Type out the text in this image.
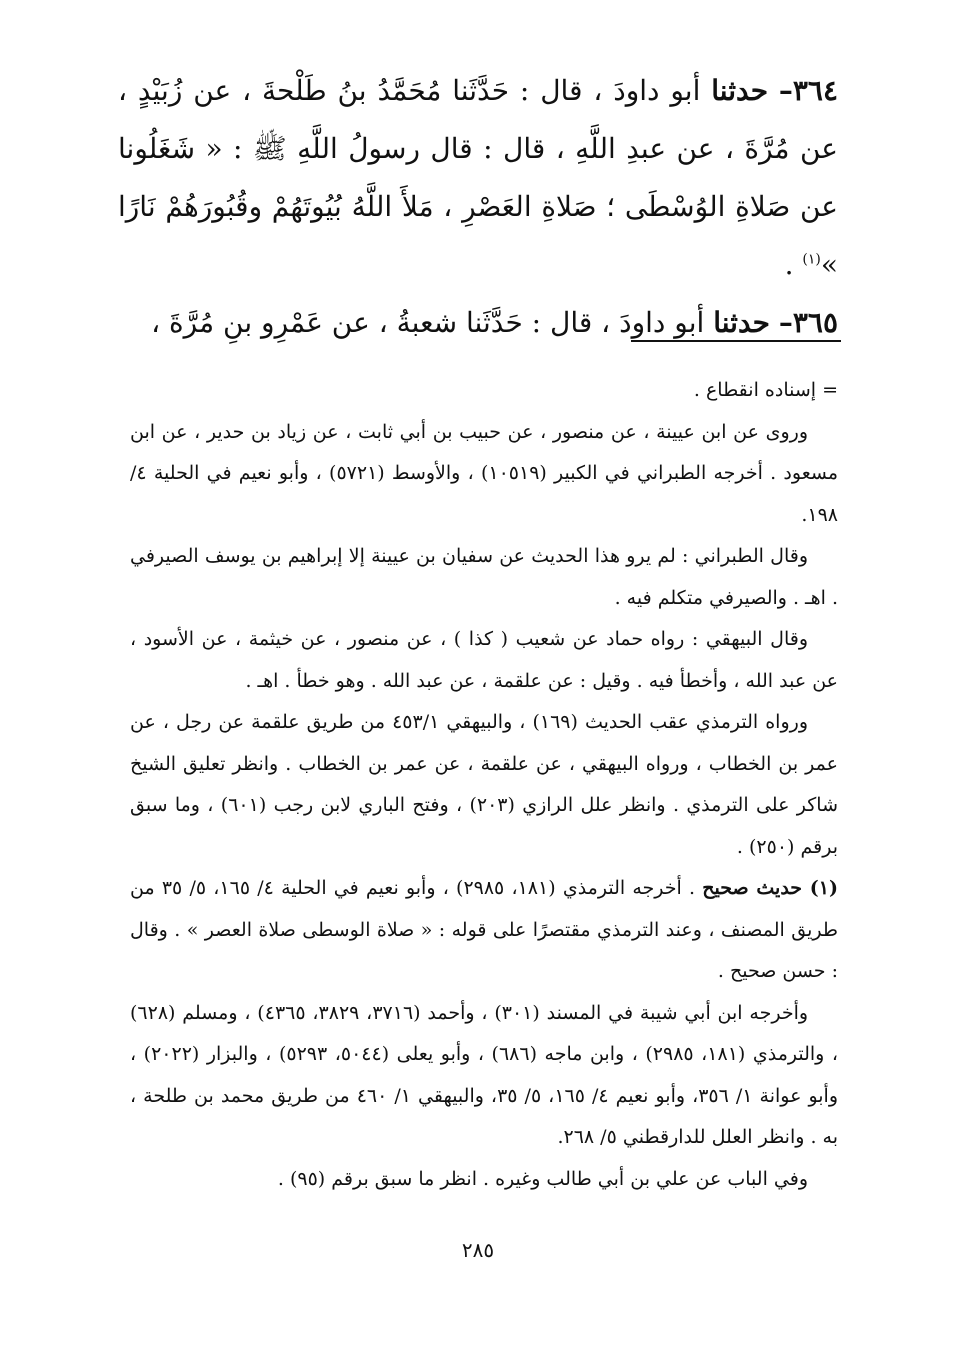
٣٦٤– حدثنا أبو داودَ ، قال : حَدَّثَنا مُحَمَّدُ بنُ طَلْحةَ ، عن زُبَيْدٍ ، عن مُرَّةَ ، عن عبدِ اللَّهِ ، قال : قال رسولُ اللَّهِ ﷺ : « شَغَلُونا عن صَلاةِ الوُسْطَى ؛ صَلاةِ العَصْرِ ، مَلأَ اللَّهُ بُيُوتَهُمْ وقُبُورَهُمْ نَارًا »$^{(١)}$ .

٣٦٥– حدثنا أبو داودَ ، قال : حَدَّثَنا شعبةُ ، عن عَمْرِو بنِ مُرَّةَ ،

= إسناده انقطاع .

وروى عن ابن عيينة ، عن منصور ، عن حبيب بن أبي ثابت ، عن زياد بن حدير ، عن ابن مسعود . أخرجه الطبراني في الكبير (١٠٥١٩) ، والأوسط (٥٧٢١) ، وأبو نعيم في الحلية ٤/ ١٩٨.

وقال الطبراني : لم يرو هذا الحديث عن سفيان بن عيينة إلا إبراهيم بن يوسف الصيرفي . اهـ . والصيرفي متكلم فيه .

وقال البيهقي : رواه حماد عن شعيب ( كذا ) ، عن منصور ، عن خيثمة ، عن الأسود ، عن عبد الله ، وأخطأ فيه . وقيل : عن علقمة ، عن عبد الله . وهو خطأ . اهـ .

ورواه الترمذي عقب الحديث (١٦٩) ، والبيهقي ٤٥٣/١ من طريق علقمة عن رجل ، عن عمر بن الخطاب ، ورواه البيهقي ، عن علقمة ، عن عمر بن الخطاب . وانظر تعليق الشيخ شاكر على الترمذي . وانظر علل الرازي (٢٠٣) ، وفتح الباري لابن رجب (٦٠١) ، وما سبق برقم (٢٥٠) .

(١) حديث صحيح . أخرجه الترمذي (١٨١، ٢٩٨٥) ، وأبو نعيم في الحلية ٤/ ١٦٥، ٥/ ٣٥ من طريق المصنف ، وعند الترمذي مقتصرًا على قوله : « صلاة الوسطى صلاة العصر » . وقال : حسن صحيح .

وأخرجه ابن أبي شيبة في المسند (٣٠١) ، وأحمد (٣٧١٦، ٣٨٢٩، ٤٣٦٥) ، ومسلم (٦٢٨) ، والترمذي (١٨١، ٢٩٨٥) ، وابن ماجه (٦٨٦) ، وأبو يعلى (٥٠٤٤، ٥٢٩٣) ، والبزار (٢٠٢٢) ، وأبو عوانة ١/ ٣٥٦، وأبو نعيم ٤/ ١٦٥، ٥/ ٣٥، والبيهقي ١/ ٤٦٠ من طريق محمد بن طلحة ، به . وانظر العلل للدارقطني ٥/ ٢٦٨.

وفي الباب عن علي بن أبي طالب وغيره . انظر ما سبق برقم (٩٥) .

٢٨٥
